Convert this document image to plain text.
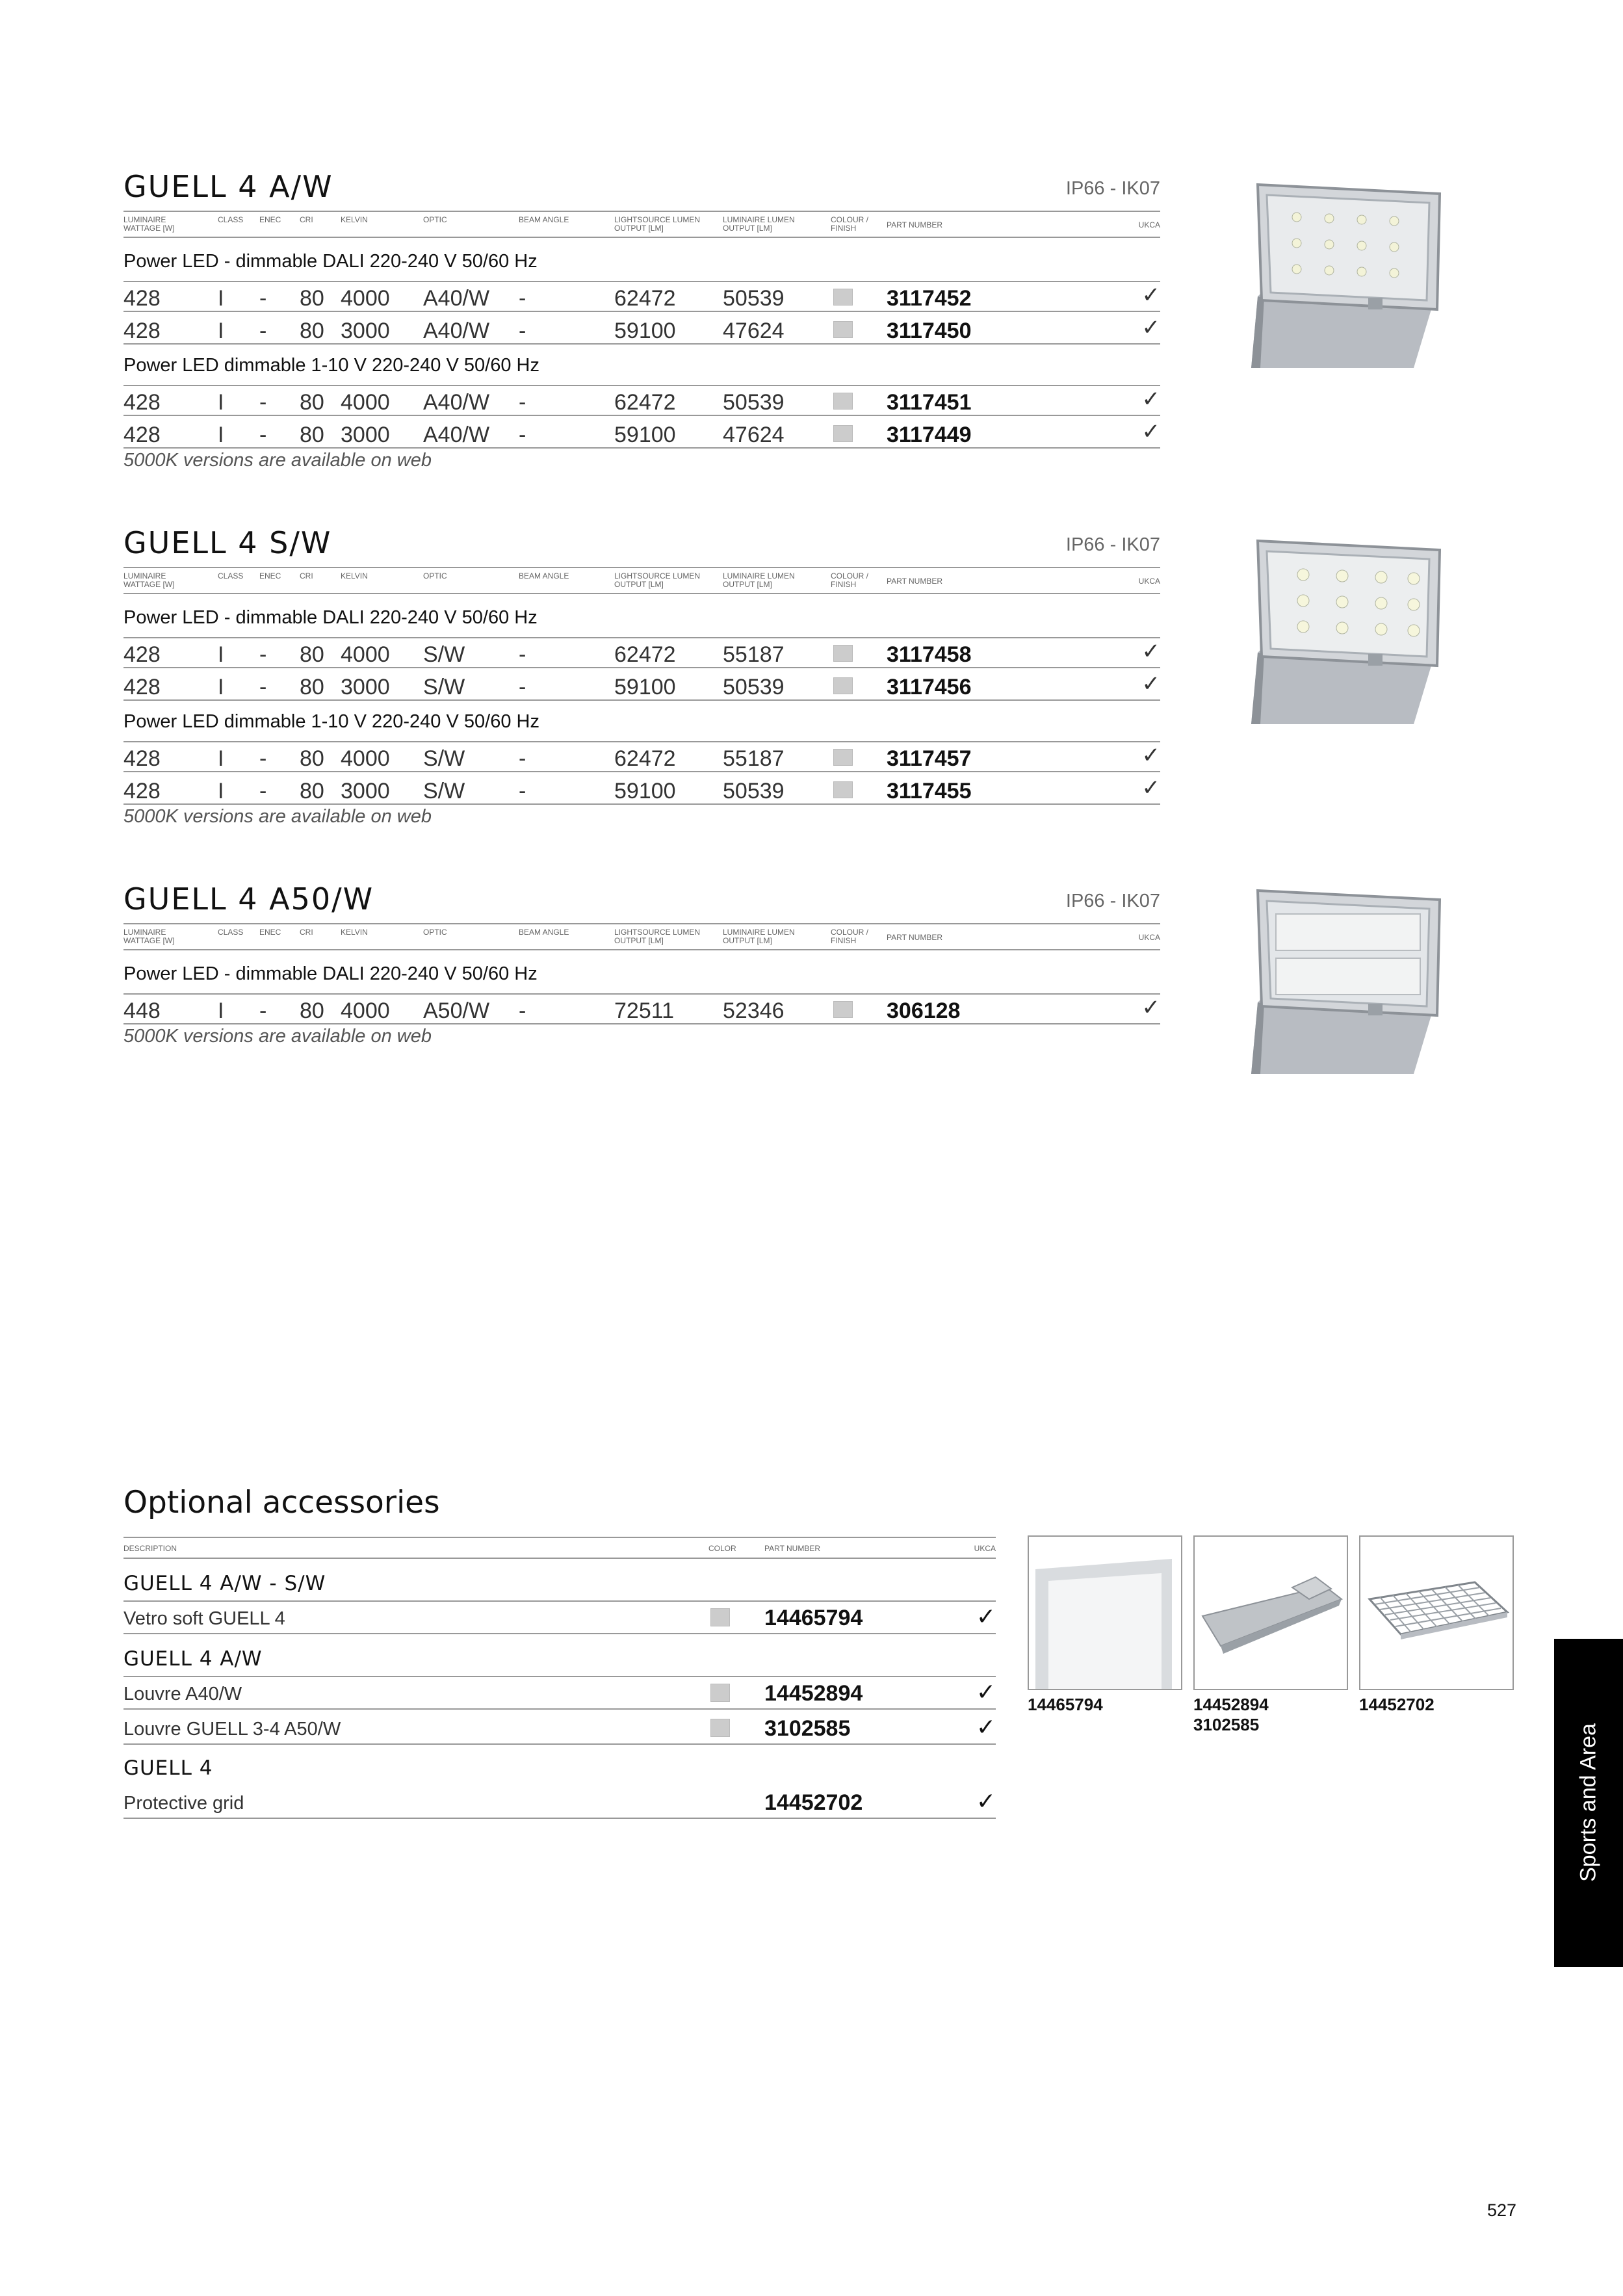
GUELL 4 A/W	IP66 - IK07
LUMINAIRE WATTAGE [W]
CLASS ENEC CRI	KELVIN	OPTIC	BEAM ANGLE	LIGHTSOURCE LUMEN OUTPUT [LM]
LUMINAIRE LUMEN OUTPUT [LM]
COLOUR / FINISH	PART NUMBER	UKCA
Power LED - dimmable DALI 220-240 V 50/60 Hz
428	I - 80 4000 A40/W -	62472 50539	3117452	✓
428	I - 80 3000 A40/W -	59100 47624	3117450	✓
Power LED dimmable 1-10 V 220-240 V 50/60 Hz
428	I - 80 4000 A40/W -	62472 50539	3117451	✓
428	I - 80 3000 A40/W -	59100 47624	3117449	✓
5000K versions are available on web
GUELL 4 S/W	IP66 - IK07
LUMINAIRE WATTAGE [W]
CLASS ENEC CRI	KELVIN	OPTIC	BEAM ANGLE	LIGHTSOURCE LUMEN OUTPUT [LM]
LUMINAIRE LUMEN OUTPUT [LM]
COLOUR / FINISH	PART NUMBER	UKCA
Power LED - dimmable DALI 220-240 V 50/60 Hz
428	I - 80 4000 S/W -	62472 55187	3117458	✓
428	I - 80 3000 S/W -	59100 50539	3117456	✓
Power LED dimmable 1-10 V 220-240 V 50/60 Hz
428	I - 80 4000 S/W -	62472 55187	3117457	✓
428	I - 80 3000 S/W -	59100 50539	3117455	✓
5000K versions are available on web
GUELL 4 A50/W	IP66 - IK07
LUMINAIRE WATTAGE [W]
CLASS ENEC CRI	KELVIN	OPTIC	BEAM ANGLE	LIGHTSOURCE LUMEN OUTPUT [LM]
LUMINAIRE LUMEN OUTPUT [LM]
COLOUR / FINISH	PART NUMBER	UKCA
Power LED - dimmable DALI 220-240 V 50/60 Hz
448	I - 80 4000 A50/W -	72511 52346	306128	✓
5000K versions are available on web
Optional accessories
DESCRIPTION	COLOR	PART NUMBER	UKCA
GUELL 4 A/W - S/W
Vetro soft GUELL 4	14465794	✓
GUELL 4 A/W
Louvre A40/W	14452894	✓
Louvre GUELL 3-4 A50/W	3102585	✓
GUELL 4
Protective grid	14452702	✓
14465794	14452894
3102585
14452702
Sports and Area
527
